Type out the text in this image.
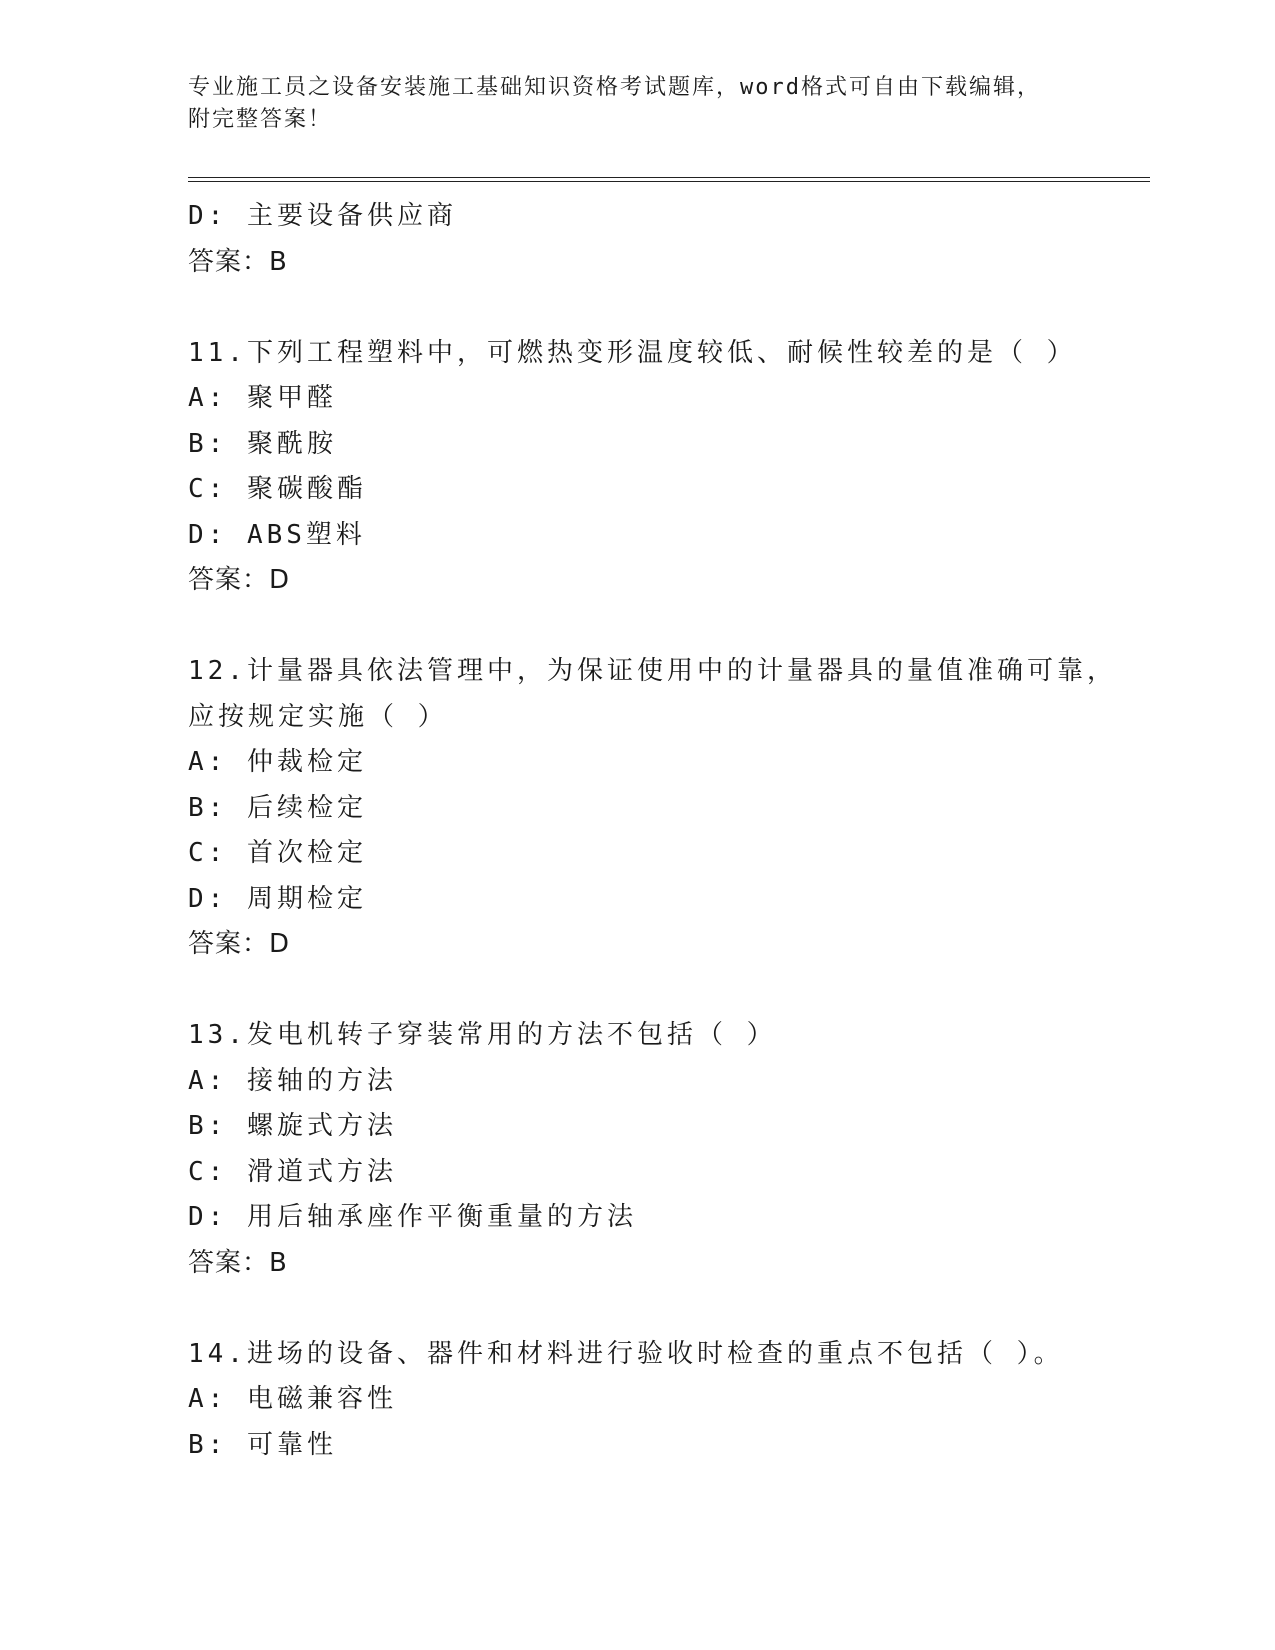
专业施工员之设备安装施工基础知识资格考试题库，word格式可自由下载编辑，
附完整答案！
D: 主要设备供应商
答案：B
11.下列工程塑料中，可燃热变形温度较低、耐候性较差的是（ ）
A: 聚甲醛
B: 聚酰胺
C: 聚碳酸酯
D: ABS塑料
答案：D
12.计量器具依法管理中，为保证使用中的计量器具的量值准确可靠，
应按规定实施（ ）
A: 仲裁检定
B: 后续检定
C: 首次检定
D: 周期检定
答案：D
13.发电机转子穿装常用的方法不包括（ ）
A: 接轴的方法
B: 螺旋式方法
C: 滑道式方法
D: 用后轴承座作平衡重量的方法
答案：B
14.进场的设备、器件和材料进行验收时检查的重点不包括（ ）。
A: 电磁兼容性
B: 可靠性
